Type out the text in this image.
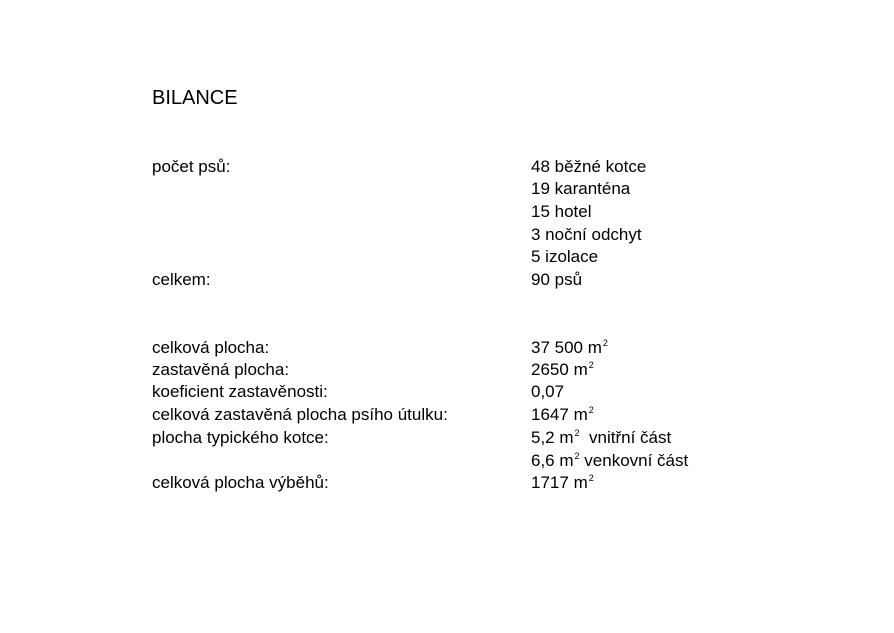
BILANCE
počet psů:	48 běžné kotce
19 karanténa
15 hotel
3 noční odchyt
5 izolace
celkem:	90 psů
celková plocha:	37 500 $m^2$
zastavěná plocha:	2650 $m^2$
koeficient zastavěnosti:	0,07
celková zastavěná plocha psího útulku:	1647 $m^2$
plocha typického kotce:	5,2 $m^2$ vnitřní část
6,6 $m^2$ venkovní část
celková plocha výběhů:	1717 $m^2$
